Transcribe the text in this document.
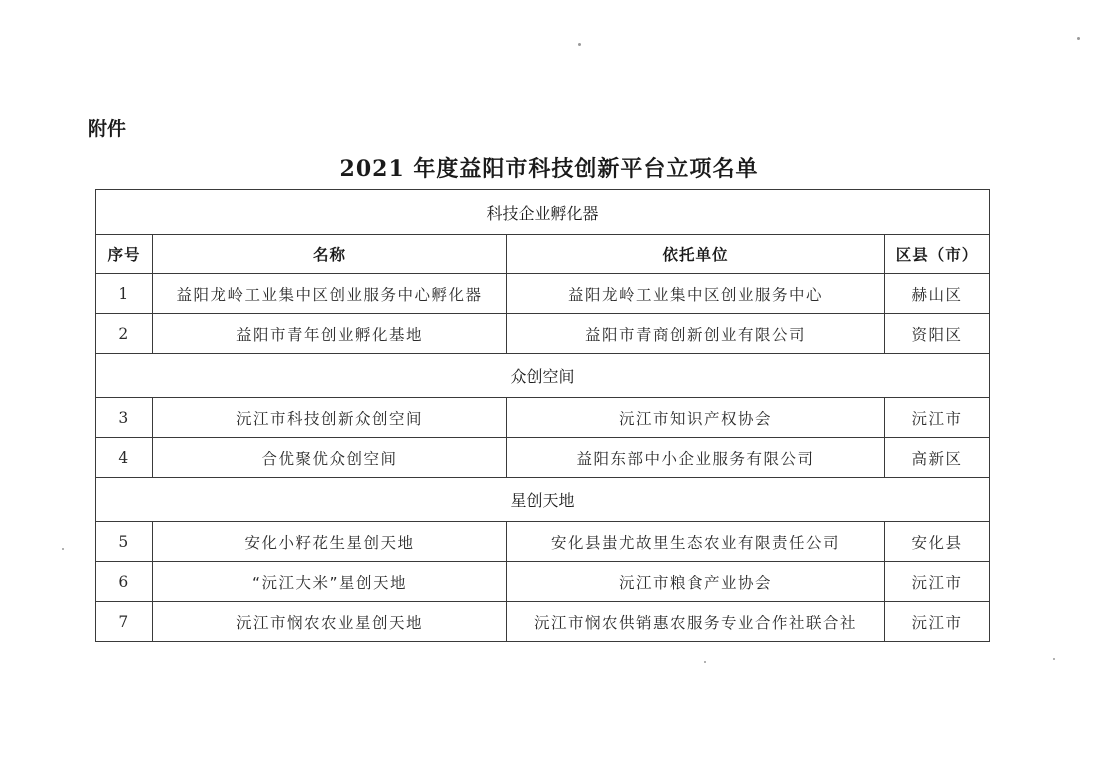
附件
2021 年度益阳市科技创新平台立项名单
科技企业孵化器			
序号	名称	依托单位	区县（市）
1	益阳龙岭工业集中区创业服务中心孵化器	益阳龙岭工业集中区创业服务中心	赫山区
2	益阳市青年创业孵化基地	益阳市青商创新创业有限公司	资阳区
众创空间			
3	沅江市科技创新众创空间	沅江市知识产权协会	沅江市
4	合优聚优众创空间	益阳东部中小企业服务有限公司	高新区
星创天地			
5	安化小籽花生星创天地	安化县蚩尤故里生态农业有限责任公司	安化县
6	“沅江大米”星创天地	沅江市粮食产业协会	沅江市
7	沅江市悯农农业星创天地	沅江市悯农供销惠农服务专业合作社联合社	沅江市
